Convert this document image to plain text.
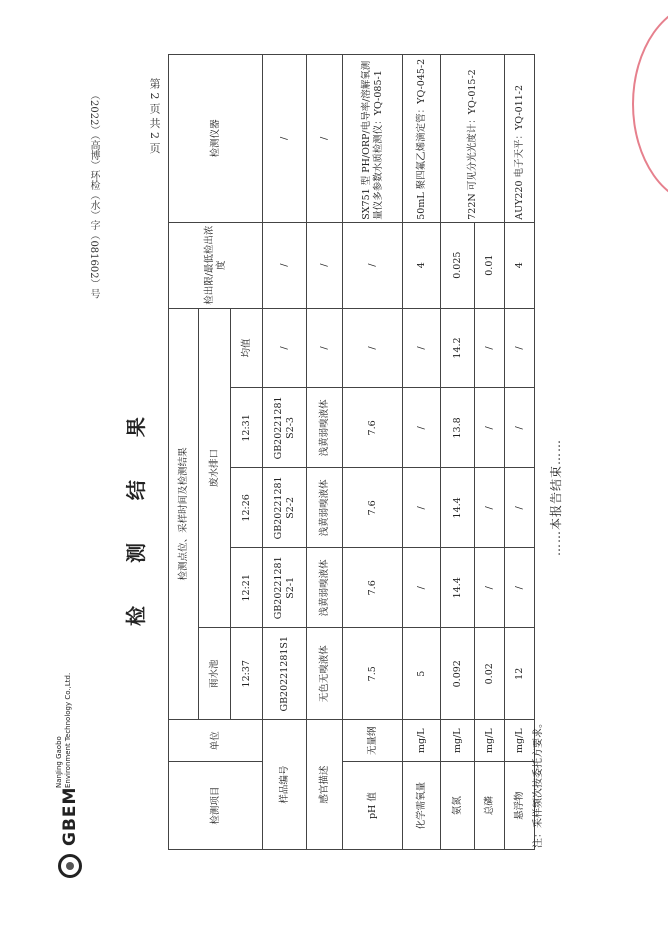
第 2 页 共 2 页
（2022）（高博）环检（水）字（081602）号
GBEM
NanJing Gaobo Environment Technology Co.,Ltd.
检 测 结 果
检测项目	单位	检测点位、采样时间及检测结果					检出限/最低检出浓度	检测仪器
		雨水池	废水排口					
		12:37	12:21	12:26	12:31	均值		
样品编号		GB20221281S1	GB20221281 S2-1	GB20221281 S2-2	GB20221281 S2-3	/	/	/
感官描述		无色无嗅液体	浅黄弱嗅液体	浅黄弱嗅液体	浅黄弱嗅液体	/	/	/
pH 值	无量纲	7.5	7.6	7.6	7.6	/	/	SX751 型 PH/ORP/电导率/溶解氧测量仪多参数水质检测仪：YQ-085-1
化学需氧量	mg/L	5	/	/	/	/	4	50mL 聚四氟乙烯滴定管：YQ-045-2
氨氮	mg/L	0.092	14.4	14.4	13.8	14.2	0.025	722N 可见分光光度计：YQ-015-2
总磷	mg/L	0.02	/	/	/	/	0.01	
悬浮物	mg/L	12	/	/	/	/	4	AUY220 电子天平：YQ-011-2
注：采样频次按委托方要求。
……本报告结束……
